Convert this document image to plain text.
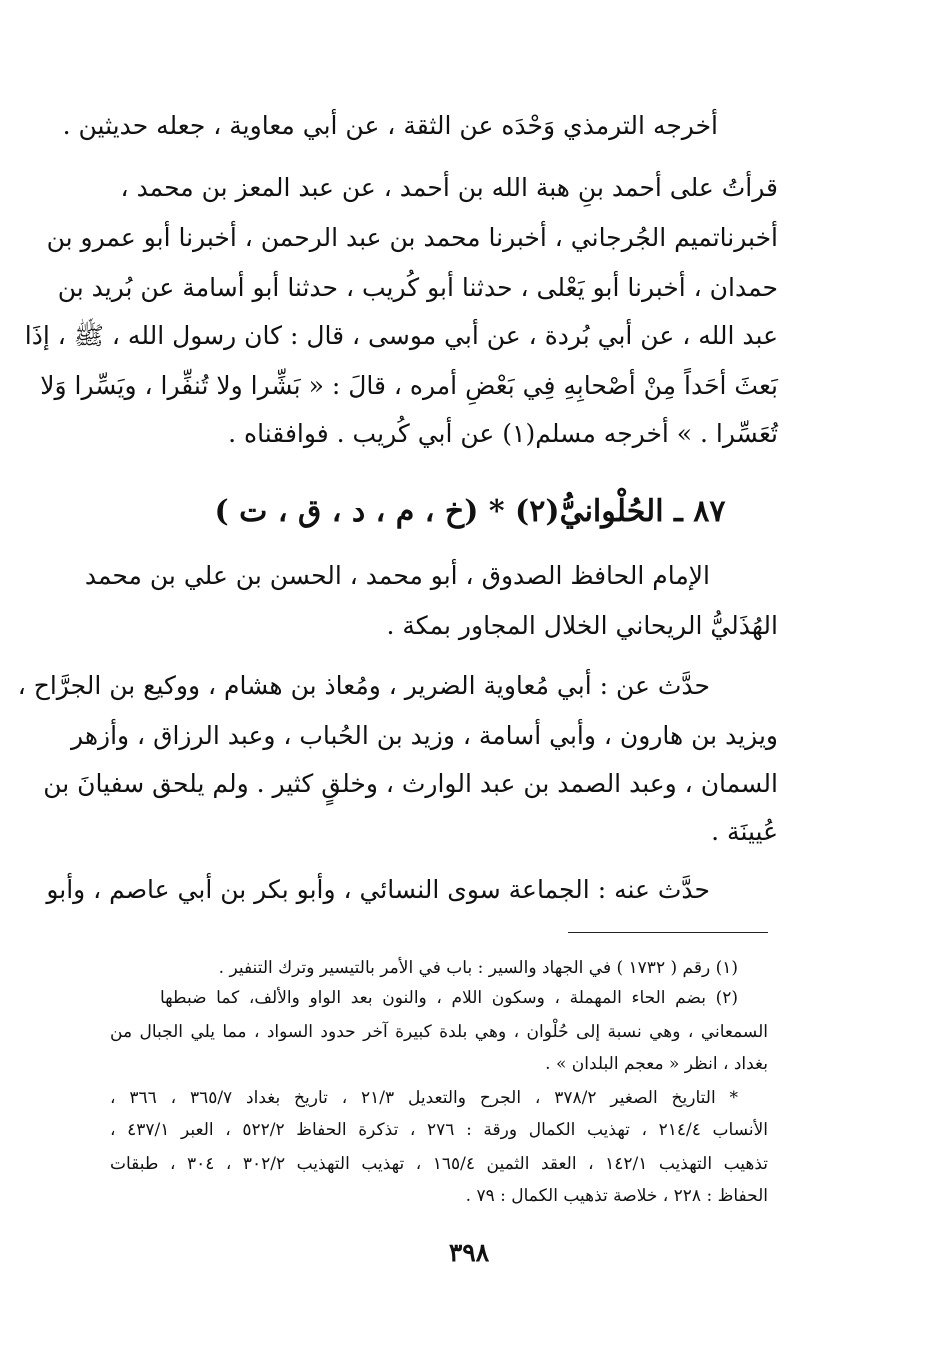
أخرجه الترمذي وَحْدَه عن الثقة ، عن أبي معاوية ، جعله حديثين .
قرأتُ على أحمد بنِ هبة الله بن أحمد ، عن عبد المعز بن محمد ،
أخبرناتميم الجُرجاني ، أخبرنا محمد بن عبد الرحمن ، أخبرنا أبو عمرو بن
حمدان ، أخبرنا أبو يَعْلى ، حدثنا أبو كُريب ، حدثنا أبو أسامة عن بُريد بن
عبد الله ، عن أبي بُردة ، عن أبي موسى ، قال : كان رسول الله ، ﷺ ، إذَا
بَعثَ أحَداً مِنْ أصْحابِهِ فِي بَعْضِ أمره ، قالَ : « بَشِّرا ولا تُنفِّرا ، ويَسِّرا وَلا
تُعَسِّرا . » أخرجه مسلم(١) عن أبي كُريب . فوافقناه .
٨٧ ـ الحُلْوانيُّ(٢) * (خ ، م ، د ، ق ، ت )
الإمام الحافظ الصدوق ، أبو محمد ، الحسن بن علي بن محمد
الهُذَليُّ الريحاني الخلال المجاور بمكة .
حدَّث عن : أبي مُعاوية الضرير ، ومُعاذ بن هشام ، ووكيع بن الجرَّاح ،
ويزيد بن هارون ، وأبي أسامة ، وزيد بن الحُباب ، وعبد الرزاق ، وأزهر
السمان ، وعبد الصمد بن عبد الوارث ، وخلقٍ كثير . ولم يلحق سفيانَ بن
عُيينَة .
حدَّث عنه : الجماعة سوى النسائي ، وأبو بكر بن أبي عاصم ، وأبو
(١) رقم ( ١٧٣٢ ) في الجهاد والسير : باب في الأمر بالتيسير وترك التنفير .
(٢) بضم الحاء المهملة ، وسكون اللام ، والنون بعد الواو والألف، كما ضبطها
السمعاني ، وهي نسبة إلى حُلْوان ، وهي بلدة كبيرة آخر حدود السواد ، مما يلي الجبال من
بغداد ، انظر « معجم البلدان » .
* التاريخ الصغير ٣٧٨/٢ ، الجرح والتعديل ٢١/٣ ، تاريخ بغداد ٣٦٥/٧ ، ٣٦٦ ،
الأنساب ٢١٤/٤ ، تهذيب الكمال ورقة : ٢٧٦ ، تذكرة الحفاظ ٥٢٢/٢ ، العبر ٤٣٧/١ ،
تذهيب التهذيب ١٤٢/١ ، العقد الثمين ١٦٥/٤ ، تهذيب التهذيب ٣٠٢/٢ ، ٣٠٤ ، طبقات
الحفاظ : ٢٢٨ ، خلاصة تذهيب الكمال : ٧٩ .
٣٩٨
